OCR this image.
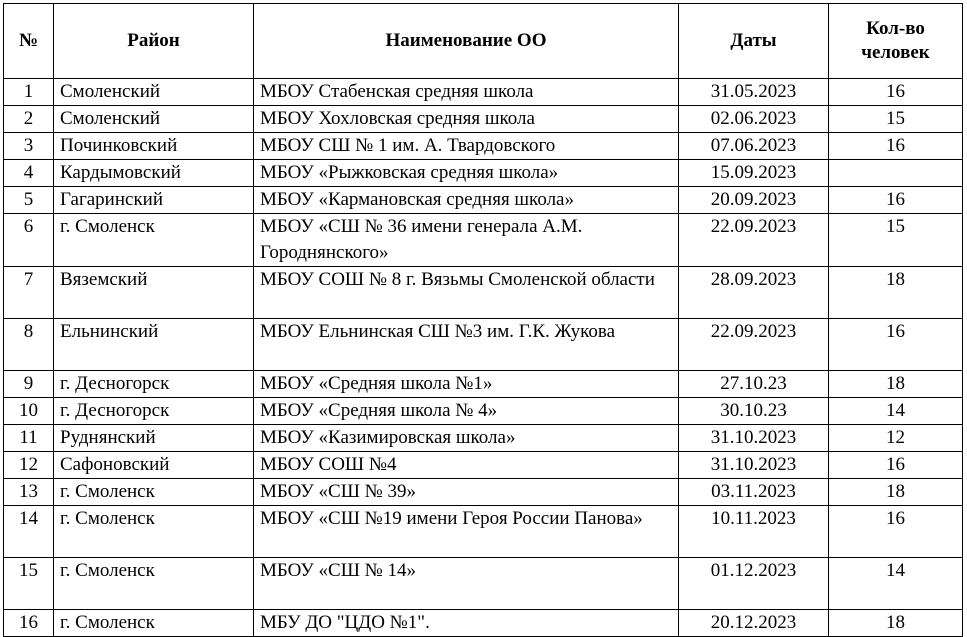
№	Район	Наименование ОО	Даты	Кол-во человек
1	Смоленский	МБОУ Стабенская средняя школа	31.05.2023	16
2	Смоленский	МБОУ Хохловская средняя школа	02.06.2023	15
3	Починковский	МБОУ СШ № 1 им. А. Твардовского	07.06.2023	16
4	Кардымовский	МБОУ «Рыжковская средняя школа»	15.09.2023	
5	Гагаринский	МБОУ «Кармановская средняя школа»	20.09.2023	16
6	г. Смоленск	МБОУ «СШ № 36 имени генерала А.М. Городнянского»	22.09.2023	15
7	Вяземский	МБОУ СОШ № 8 г. Вязьмы Смоленской области	28.09.2023	18
8	Ельнинский	МБОУ Ельнинская СШ №3 им. Г.К. Жукова	22.09.2023	16
9	г. Десногорск	МБОУ «Средняя школа №1»	27.10.23	18
10	г. Десногорск	МБОУ «Средняя школа № 4»	30.10.23	14
11	Руднянский	МБОУ «Казимировская школа»	31.10.2023	12
12	Сафоновский	МБОУ СОШ №4	31.10.2023	16
13	г. Смоленск	МБОУ «СШ № 39»	03.11.2023	18
14	г. Смоленск	МБОУ «СШ №19 имени Героя России Панова»	10.11.2023	16
15	г. Смоленск	МБОУ «СШ № 14»	01.12.2023	14
16	г. Смоленск	МБУ ДО "ЦДО №1".	20.12.2023	18
